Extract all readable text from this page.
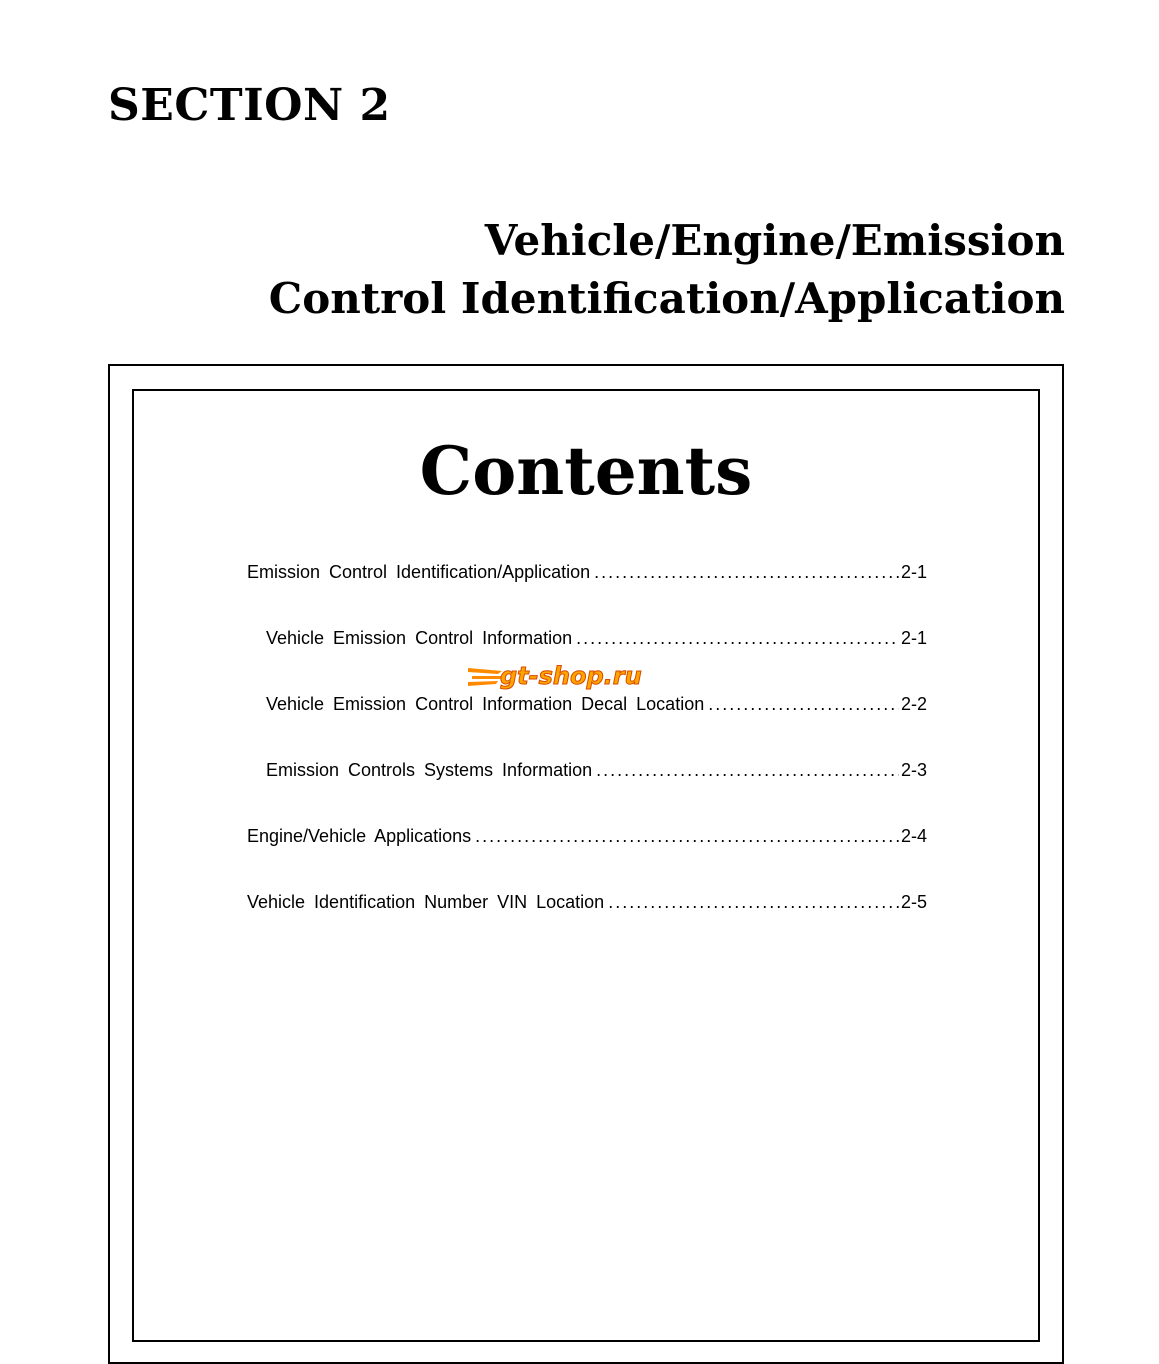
SECTION 2
Vehicle/Engine/Emission
Control Identification/Application
Contents
Emission Control Identification/Application .....	2-1
Vehicle Emission Control Information .....	2-1
Vehicle Emission Control Information Decal Location .....	2-2
Emission Controls Systems Information .....	2-3
Engine/Vehicle Applications .....	2-4
Vehicle Identification Number VIN Location .....	2-5
gt-shop.ru
